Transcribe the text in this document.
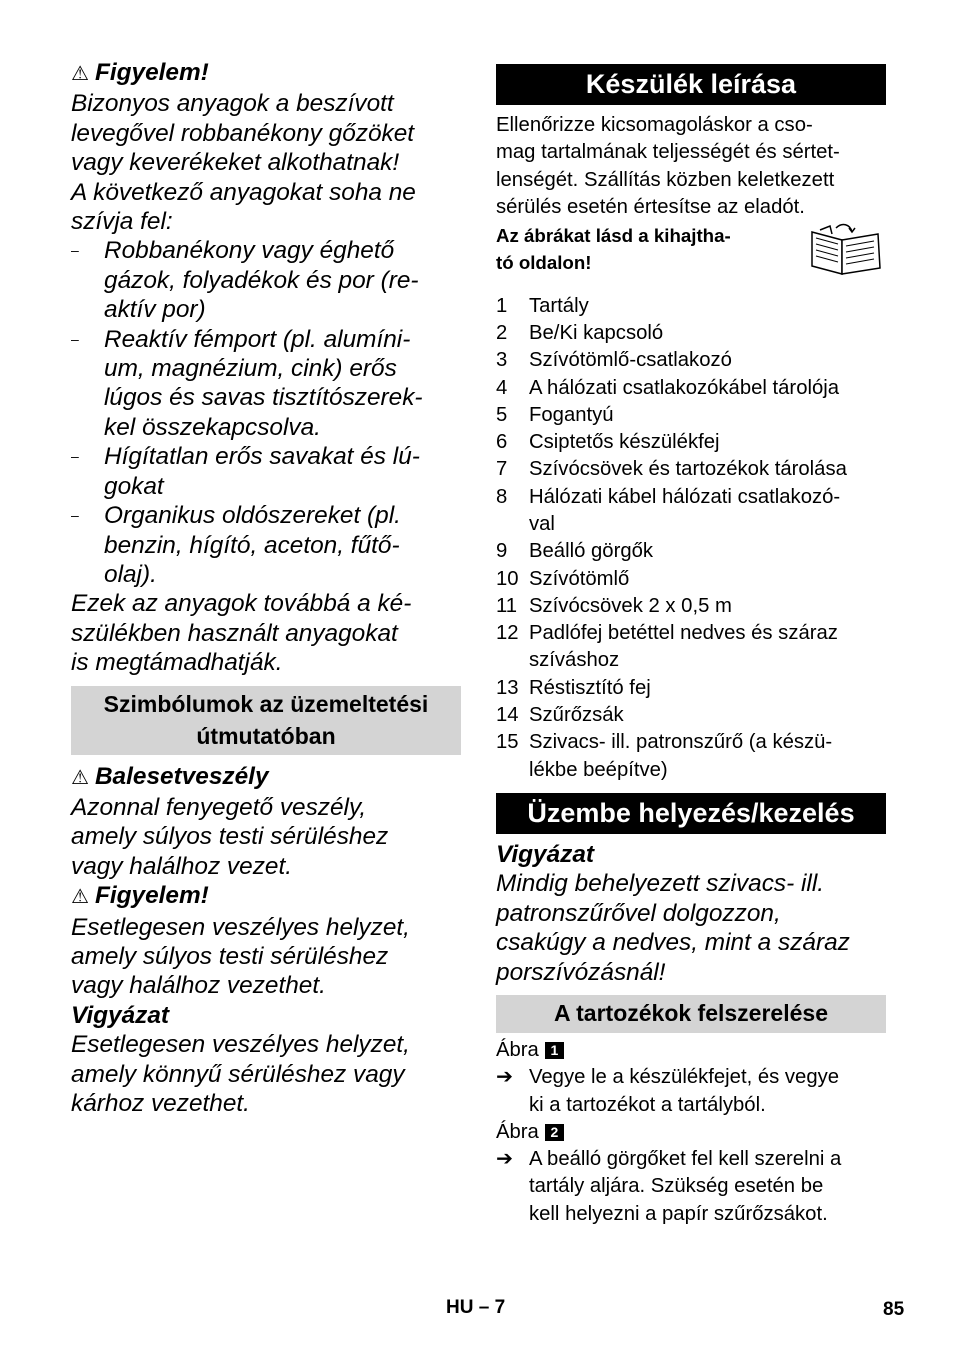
⚠ Figyelem!
Bizonyos anyagok a beszívott
levegővel robbanékony gőzöket
vagy keverékeket alkothatnak!
A következő anyagokat soha ne
szívja fel:
– Robbanékony vagy éghető
gázok, folyadékok és por (re-
aktív por)
– Reaktív fémport (pl. alumíni-
um, magnézium, cink) erős
lúgos és savas tisztítószerek-
kel összekapcsolva.
– Hígítatlan erős savakat és lú-
gokat
– Organikus oldószereket (pl.
benzin, hígító, aceton, fűtő-
olaj).
Ezek az anyagok továbbá a ké-
szülékben használt anyagokat
is megtámadhatják.
Szimbólumok az üzemeltetési
útmutatóban
⚠ Balesetveszély
Azonnal fenyegető veszély,
amely súlyos testi sérüléshez
vagy halálhoz vezet.
⚠ Figyelem!
Esetlegesen veszélyes helyzet,
amely súlyos testi sérüléshez
vagy halálhoz vezethet.
Vigyázat
Esetlegesen veszélyes helyzet,
amely könnyű sérüléshez vagy
kárhoz vezethet.
Készülék leírása
Ellenőrizze kicsomagoláskor a cso-
mag tartalmának teljességét és sértet-
lenségét. Szállítás közben keletkezett
sérülés esetén értesítse az eladót.
Az ábrákat lásd a kihajtha-
tó oldalon!
1 Tartály
2 Be/Ki kapcsoló
3 Szívótömlő-csatlakozó
4 A hálózati csatlakozókábel tárolója
5 Fogantyú
6 Csiptetős készülékfej
7 Szívócsövek és tartozékok tárolása
8 Hálózati kábel hálózati csatlakozó-
val
9 Beálló görgők
10 Szívótömlő
11 Szívócsövek 2 x 0,5 m
12 Padlófej betéttel nedves és száraz
szíváshoz
13 Réstisztító fej
14 Szűrőzsák
15 Szivacs- ill. patronszűrő (a készü-
lékbe beépítve)
Üzembe helyezés/kezelés
Vigyázat
Mindig behelyezett szivacs- ill.
patronszűrővel dolgozzon,
csakúgy a nedves, mint a száraz
porszívózásnál!
A tartozékok felszerelése
Ábra 1
➔ Vegye le a készülékfejet, és vegye
ki a tartozékot a tartályból.
Ábra 2
➔ A beálló görgőket fel kell szerelni a
tartály aljára. Szükség esetén be
kell helyezni a papír szűrőzsákot.
HU – 7	85
